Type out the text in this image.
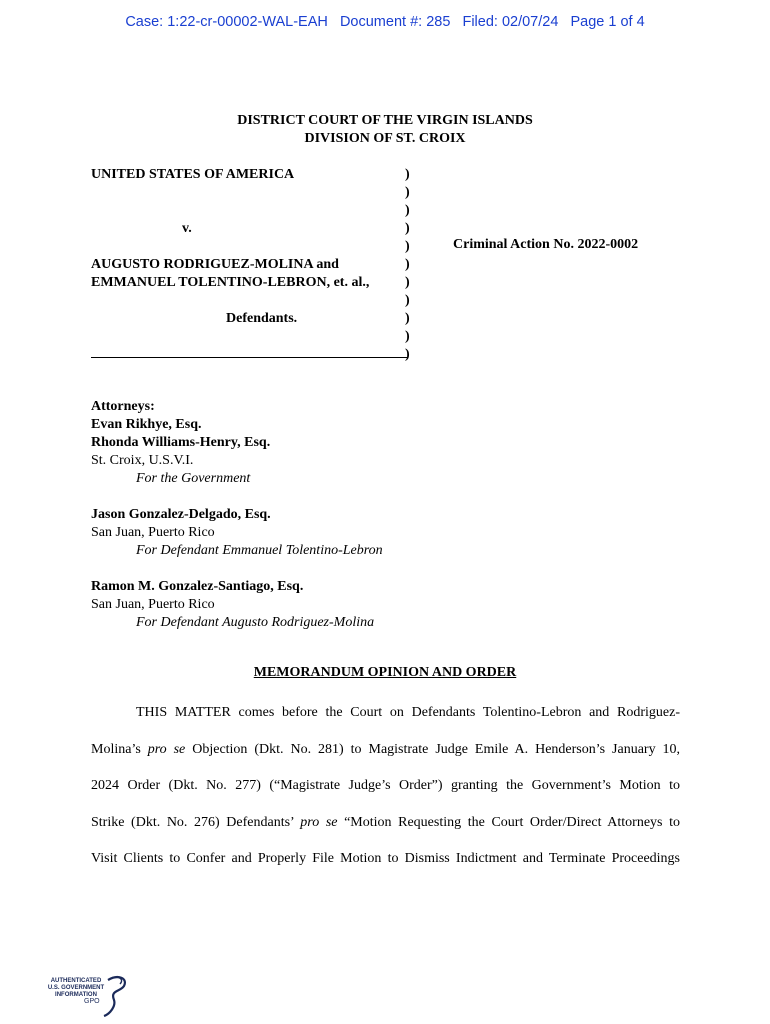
Case: 1:22-cr-00002-WAL-EAH   Document #: 285   Filed: 02/07/24   Page 1 of 4
DISTRICT COURT OF THE VIRGIN ISLANDS
DIVISION OF ST. CROIX
UNITED STATES OF AMERICA
v.
AUGUSTO RODRIGUEZ-MOLINA and
EMMANUEL TOLENTINO-LEBRON, et. al.,
Defendants.
)
)
)
)
)
)
)
)
)
)
)
Criminal Action No. 2022-0002
Attorneys:
Evan Rikhye, Esq.
Rhonda Williams-Henry, Esq.
St. Croix, U.S.V.I.
For the Government
Jason Gonzalez-Delgado, Esq.
San Juan, Puerto Rico
For Defendant Emmanuel Tolentino-Lebron
Ramon M. Gonzalez-Santiago, Esq.
San Juan, Puerto Rico
For Defendant Augusto Rodriguez-Molina
MEMORANDUM OPINION AND ORDER
THIS MATTER comes before the Court on Defendants Tolentino-Lebron and Rodriguez-
Molina’s pro se Objection (Dkt. No. 281) to Magistrate Judge Emile A. Henderson’s January 10,
2024 Order (Dkt. No. 277) (“Magistrate Judge’s Order”) granting the Government’s Motion to
Strike (Dkt. No. 276) Defendants’ pro se “Motion Requesting the Court Order/Direct Attorneys to
Visit Clients to Confer and Properly File Motion to Dismiss Indictment and Terminate Proceedings
AUTHENTICATED
U.S. GOVERNMENT
INFORMATION
GPO
